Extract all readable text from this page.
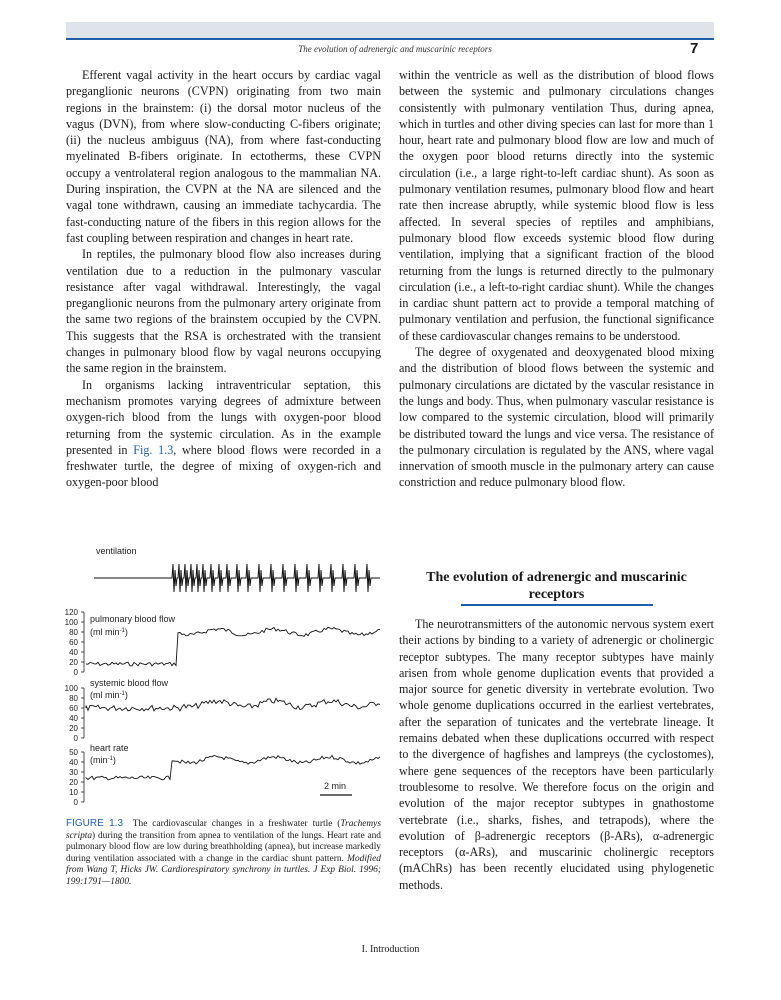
The evolution of adrenergic and muscarinic receptors	7

Efferent vagal activity in the heart occurs by cardiac vagal preganglionic neurons (CVPN) originating from two main regions in the brainstem: (i) the dorsal motor nucleus of the vagus (DVN), from where slow-conducting C-fibers originate; (ii) the nucleus ambiguus (NA), from where fast-conducting myelinated B-fibers originate. In ectotherms, these CVPN occupy a ventrolateral region analogous to the mammalian NA. During inspiration, the CVPN at the NA are silenced and the vagal tone withdrawn, causing an immediate tachycardia. The fast-conducting nature of the fibers in this region allows for the fast coupling between respiration and changes in heart rate.

In reptiles, the pulmonary blood flow also increases during ventilation due to a reduction in the pulmonary vascular resistance after vagal withdrawal. Interestingly, the vagal preganglionic neurons from the pulmonary artery originate from the same two regions of the brainstem occupied by the CVPN. This suggests that the RSA is orchestrated with the transient changes in pulmonary blood flow by vagal neurons occupying the same region in the brainstem.

In organisms lacking intraventricular septation, this mechanism promotes varying degrees of admixture between oxygen-rich blood from the lungs with oxygen-poor blood returning from the systemic circulation. As in the example presented in Fig. 1.3, where blood flows were recorded in a freshwater turtle, the degree of mixing of oxygen-rich and oxygen-poor blood

within the ventricle as well as the distribution of blood flows between the systemic and pulmonary circulations changes consistently with pulmonary ventilation Thus, during apnea, which in turtles and other diving species can last for more than 1 hour, heart rate and pulmonary blood flow are low and much of the oxygen poor blood returns directly into the systemic circulation (i.e., a large right-to-left cardiac shunt). As soon as pulmonary ventilation resumes, pulmonary blood flow and heart rate then increase abruptly, while systemic blood flow is less affected. In several species of reptiles and amphibians, pulmonary blood flow exceeds systemic blood flow during ventilation, implying that a significant fraction of the blood returning from the lungs is returned directly to the pulmonary circulation (i.e., a left-to-right cardiac shunt). While the changes in cardiac shunt pattern act to provide a temporal matching of pulmonary ventilation and perfusion, the functional significance of these cardiovascular changes remains to be understood.

The degree of oxygenated and deoxygenated blood mixing and the distribution of blood flows between the systemic and pulmonary circulations are dictated by the vascular resistance in the lungs and body. Thus, when pulmonary vascular resistance is low compared to the systemic circulation, blood will primarily be distributed toward the lungs and vice versa. The resistance of the pulmonary circulation is regulated by the ANS, where vagal innervation of smooth muscle in the pulmonary artery can cause constriction and reduce pulmonary blood flow.

The evolution of adrenergic and muscarinic receptors

The neurotransmitters of the autonomic nervous system exert their actions by binding to a variety of adrenergic or cholinergic receptor subtypes. The many receptor subtypes have mainly arisen from whole genome duplication events that provided a major source for genetic diversity in vertebrate evolution. Two whole genome duplications occurred in the earliest vertebrates, after the separation of tunicates and the vertebrate lineage. It remains debated when these duplications occurred with respect to the divergence of hagfishes and lampreys (the cyclostomes), where gene sequences of the receptors have been particularly troublesome to resolve. We therefore focus on the origin and evolution of the major receptor subtypes in gnathostome vertebrate (i.e., sharks, fishes, and tetrapods), where the evolution of β-adrenergic receptors (β-ARs), α-adrenergic receptors (α-ARs), and muscarinic cholinergic receptors (mAChRs) has been recently elucidated using phylogenetic methods.

ventilation
120
100
80
60
40
20
0
pulmonary blood flow
(ml $\min^{-1}$)
100
80
60
40
20
0
systemic blood flow
(ml $\min^{-1}$)
50
40
30
20
10
0
heart rate
$(\min^{-1})$
2 min
FIGURE 1.3 The cardiovascular changes in a freshwater turtle (Trachemys scripta) during the transition from apnea to ventilation of the lungs. Heart rate and pulmonary blood flow are low during breathholding (apnea), but increase markedly during ventilation associated with a change in the cardiac shunt pattern. Modified from Wang T, Hicks JW. Cardiorespiratory synchrony in turtles. J Exp Biol. 1996; 199:1791—1800.
I. Introduction
